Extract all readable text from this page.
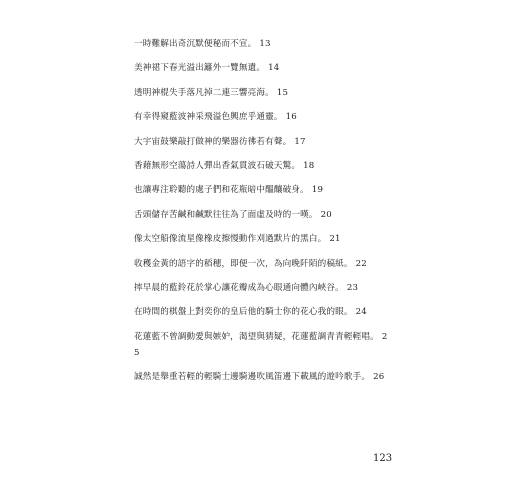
一時難解出奇沉默便秘而不宣。 13
美神裙下春光溢出籬外一覽無遺。 14
透明神棍失手落凡掉二連三響亮海。 15
有幸得窺藍波神采飛溢色興庶乎通靈。 16
大宇宙鼓樂敲打做神的樂器彷彿若有聲。 17
香藉無形空蕩詩人彈出香氣貫波石破天驚。 18
也讓專注聆聽的處子們和花瓶暗中醞釀破身。 19
舌頭儲存苦鹹和鹹默往往為了面虛及時的一嘆。 20
像太空船像流星像橡皮擦慢動作刈過默片的黑白。 21
收穫金黃的語字的稻穗，即便一次，為向晚阡陌的稿紙。 22
摔早晨的藍鈴花於掌心讓花瓣成為心眼通向體內峽谷。 23
在時間的棋盤上對奕你的皇后他的騎士你的花心我的眼。 24
花蓮藍不曾調動愛與嫉妒，渴望與猜疑，花蓮藍調青青輕輕唱。 25
誠然是舉重若輕的輕騎士邊騎邊吹風笛邊下載風的遊吟歌手。 26
123
